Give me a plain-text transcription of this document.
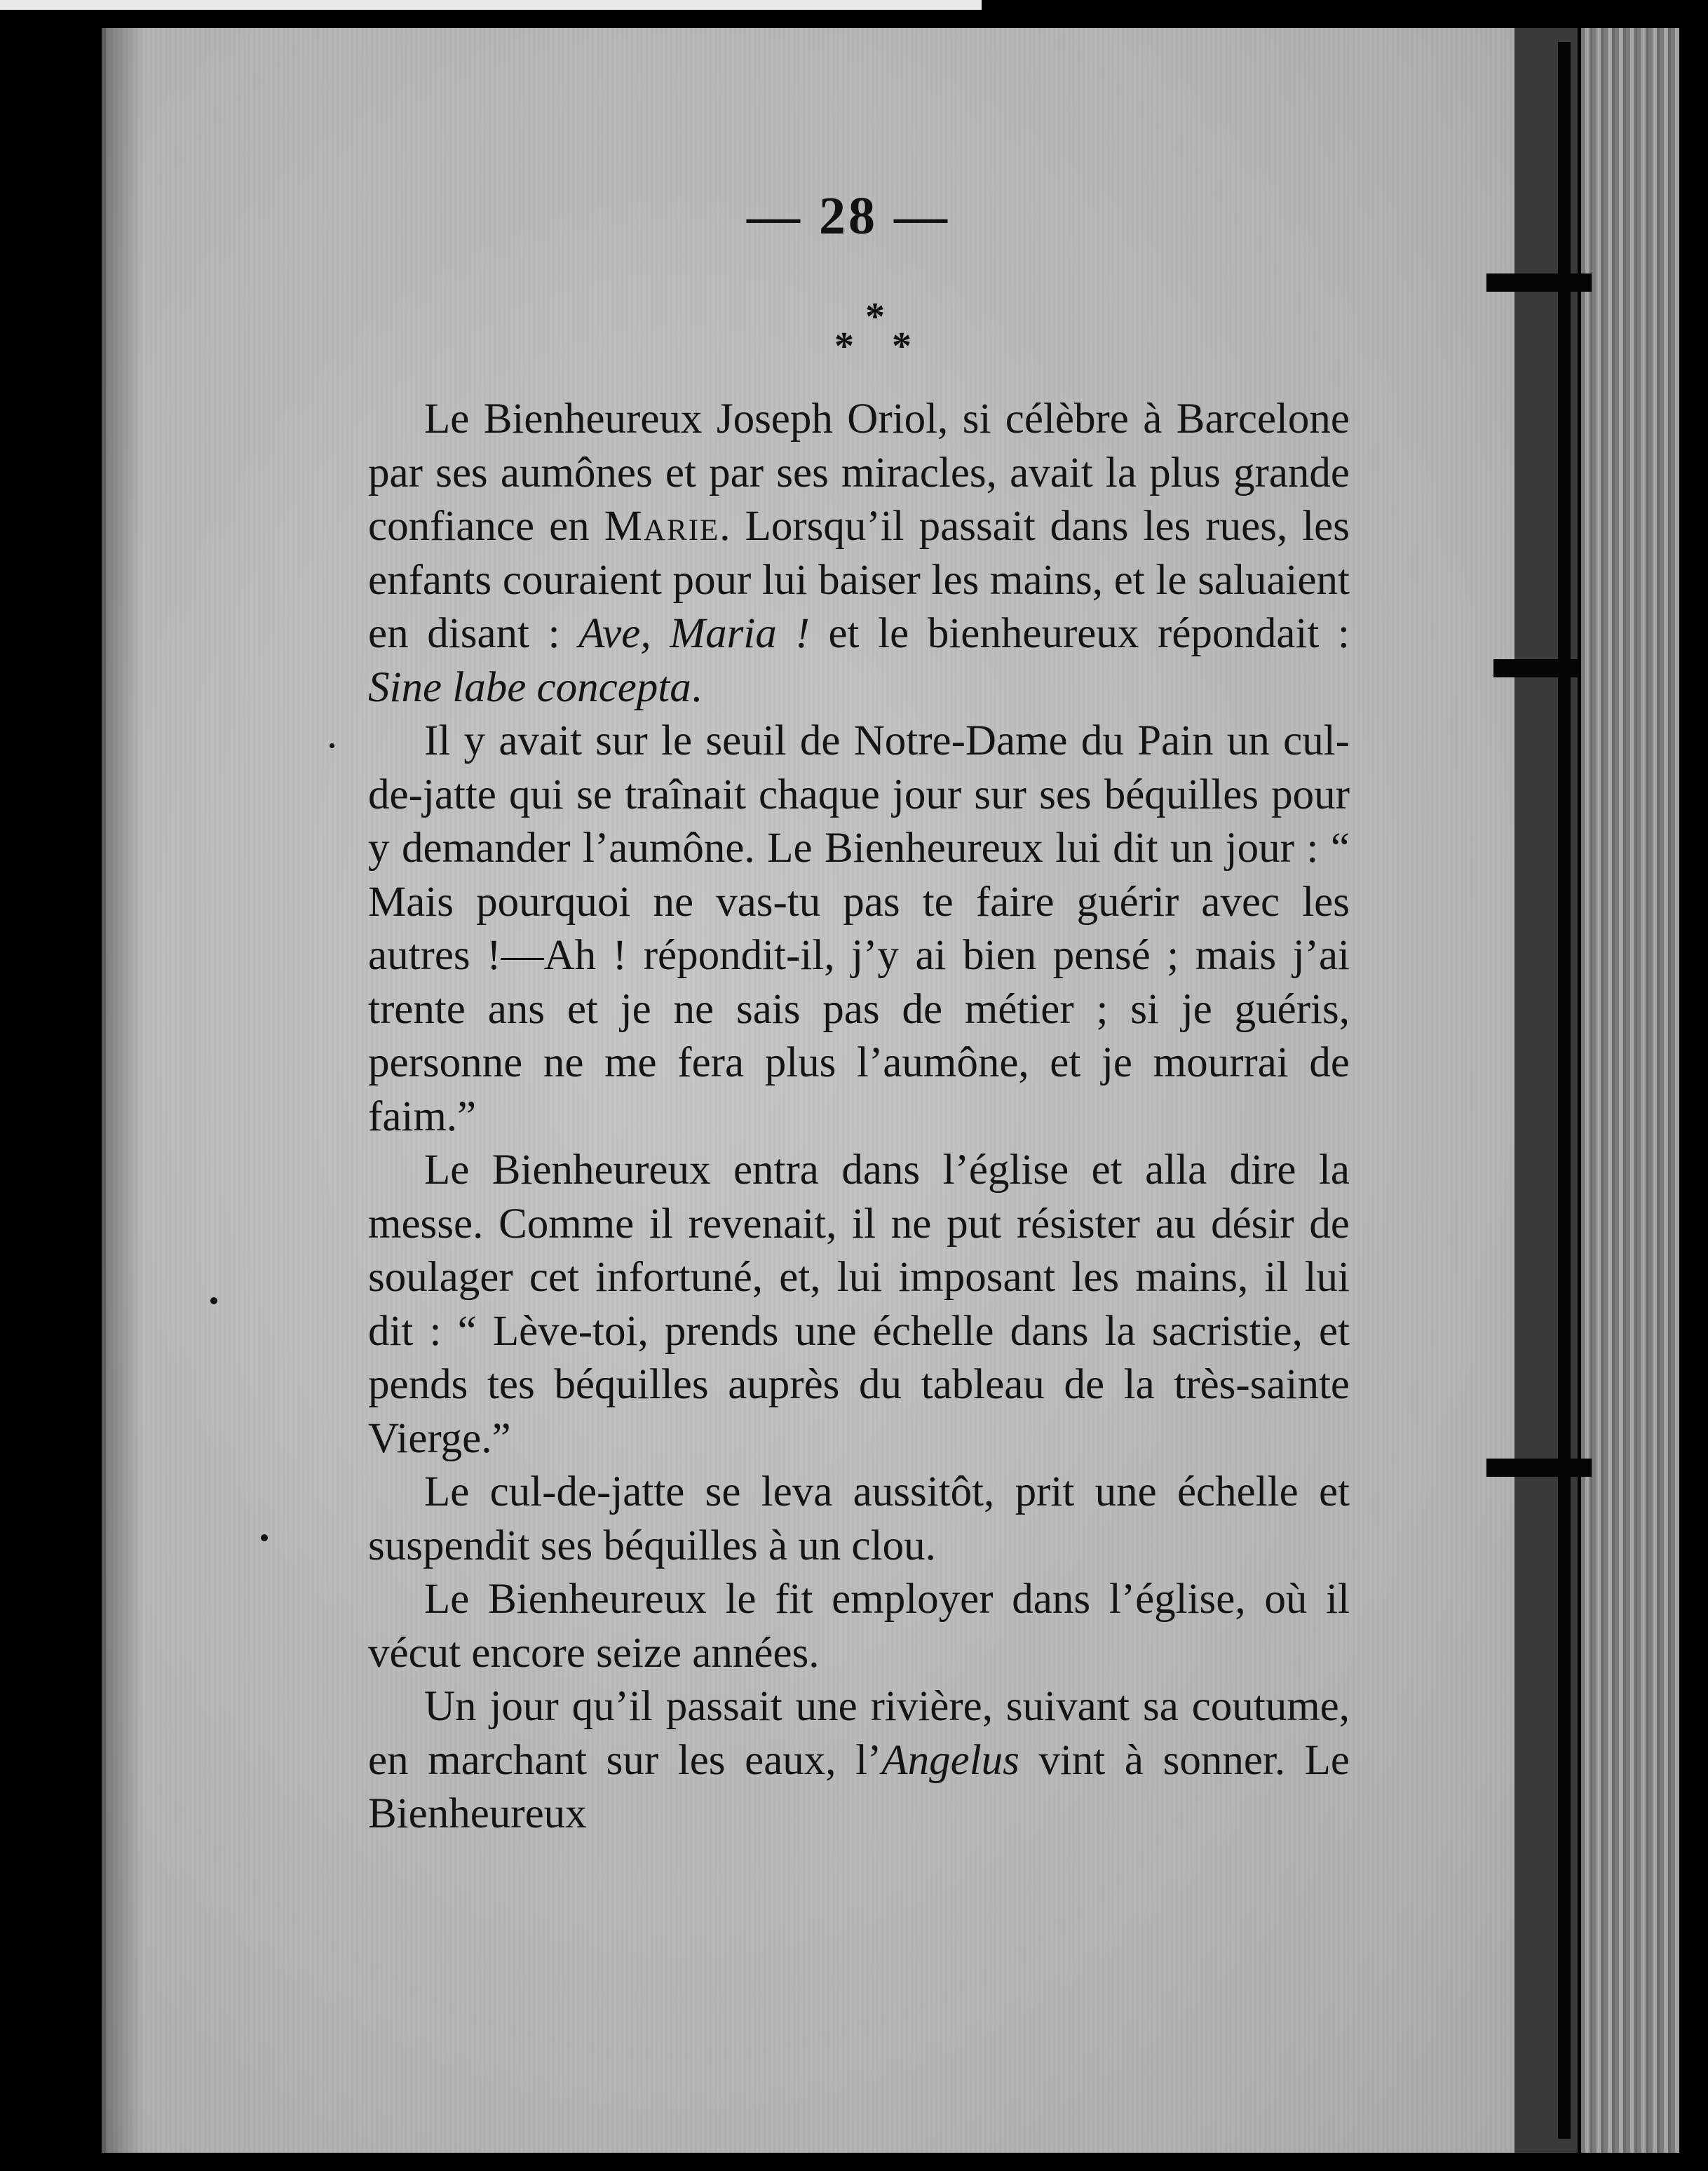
— 28 —
*
* *

Le Bienheureux Joseph Oriol, si célèbre à Barcelone par ses aumônes et par ses miracles, avait la plus grande confiance en Marie. Lorsqu’il passait dans les rues, les enfants couraient pour lui baiser les mains, et le saluaient en disant : Ave, Maria ! et le bienheureux répondait : Sine labe concepta.

Il y avait sur le seuil de Notre-Dame du Pain un cul-de-jatte qui se traînait chaque jour sur ses béquilles pour y demander l’aumône. Le Bienheureux lui dit un jour : “ Mais pourquoi ne vas-tu pas te faire guérir avec les autres !—Ah ! répondit-il, j’y ai bien pensé ; mais j’ai trente ans et je ne sais pas de métier ; si je guéris, personne ne me fera plus l’aumône, et je mourrai de faim.”

Le Bienheureux entra dans l’église et alla dire la messe. Comme il revenait, il ne put résister au désir de soulager cet infortuné, et, lui imposant les mains, il lui dit : “ Lève-toi, prends une échelle dans la sacristie, et pends tes béquilles auprès du tableau de la très-sainte Vierge.”

Le cul-de-jatte se leva aussitôt, prit une échelle et suspendit ses béquilles à un clou.

Le Bienheureux le fit employer dans l’église, où il vécut encore seize années.

Un jour qu’il passait une rivière, suivant sa coutume, en marchant sur les eaux, l’Angelus vint à sonner. Le Bienheureux
